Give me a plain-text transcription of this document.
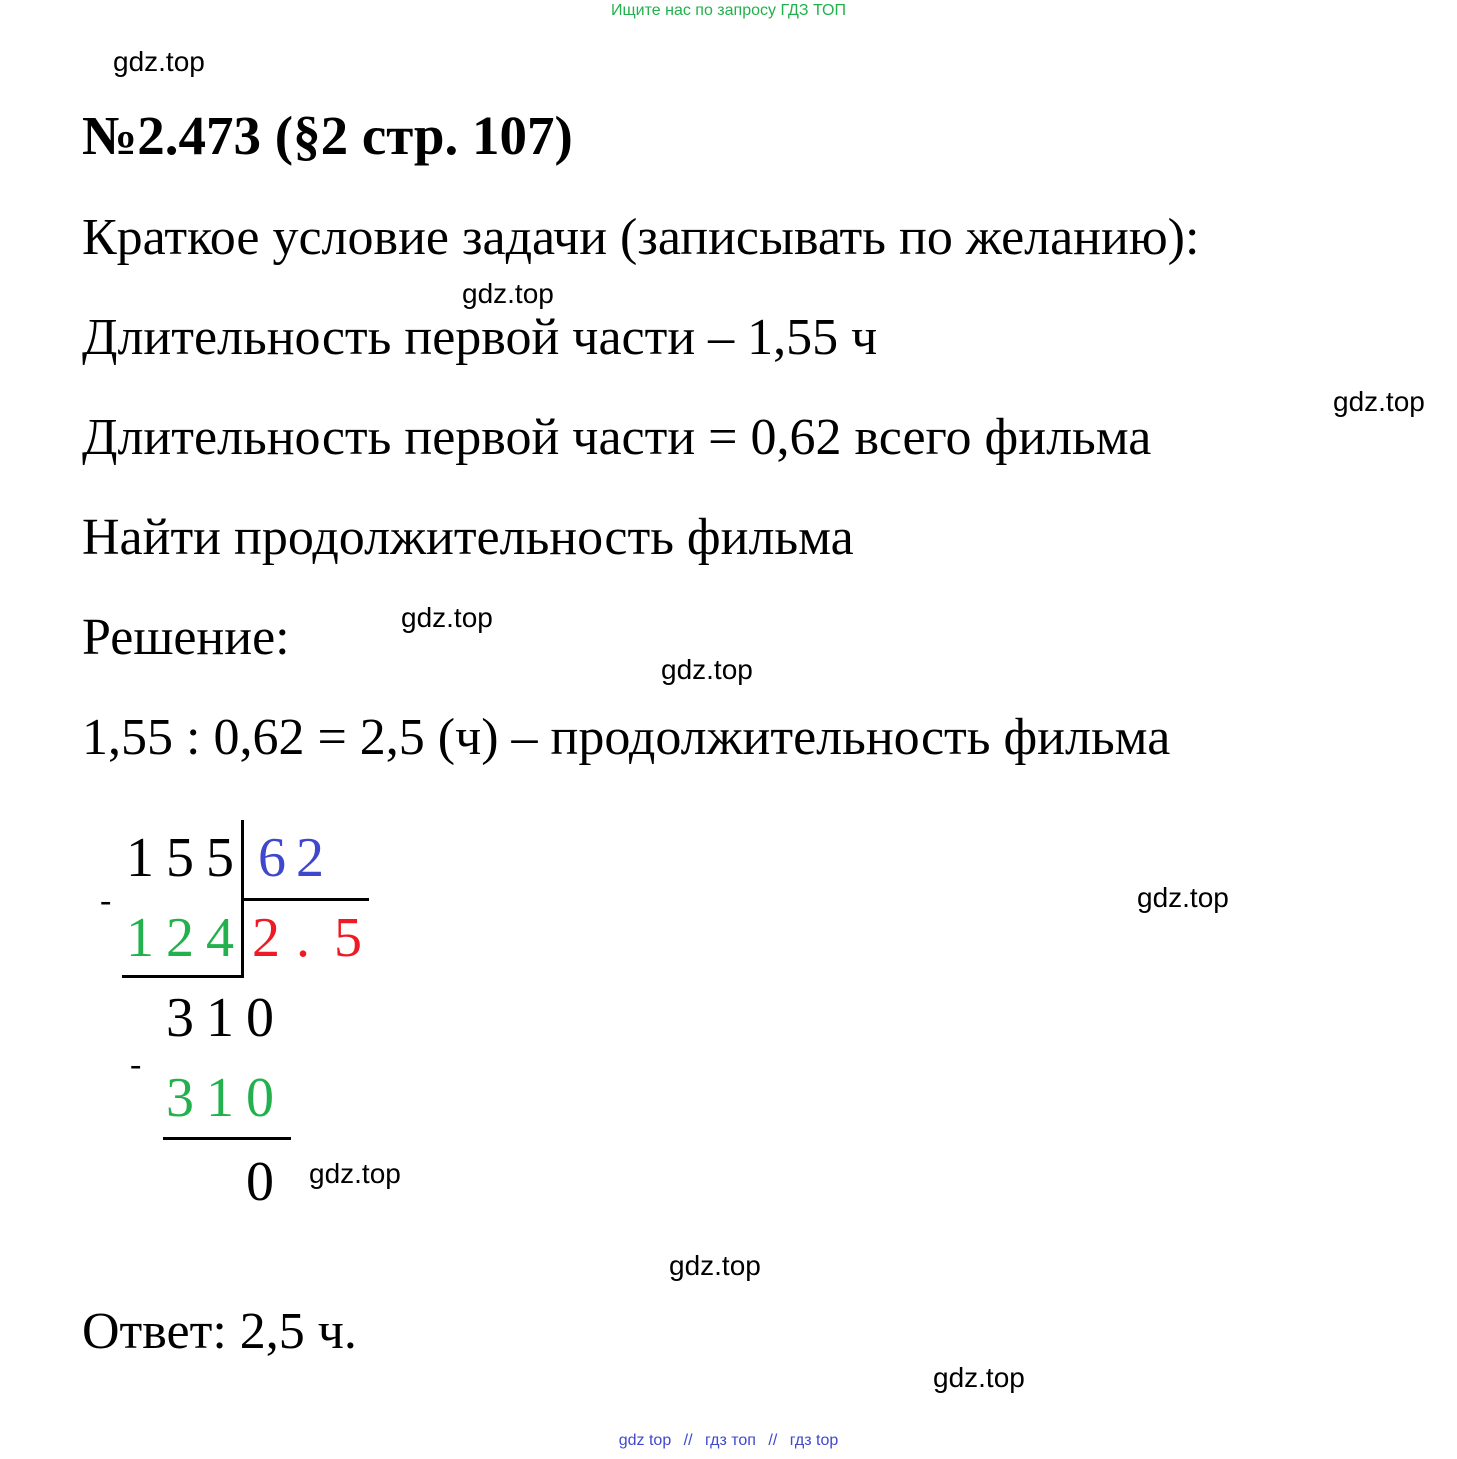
Ищите нас по запросу ГДЗ ТОП
gdz.top
gdz.top
gdz.top
gdz.top
gdz.top
gdz.top
gdz.top
gdz.top
gdz.top
№2.473 (§2 стр. 107)
Краткое условие задачи (записывать по желанию):
Длительность первой части – 1,55 ч
Длительность первой части = 0,62 всего фильма
Найти продолжительность фильма
Решение:
1,55 : 0,62 = 2,5 (ч) – продолжительность фильма
1 5 5 6 2
-
1 2 4 2 . 5
3 1 0
-
3 1 0
0
Ответ: 2,5 ч.
gdz top // гдз топ // гдз top
